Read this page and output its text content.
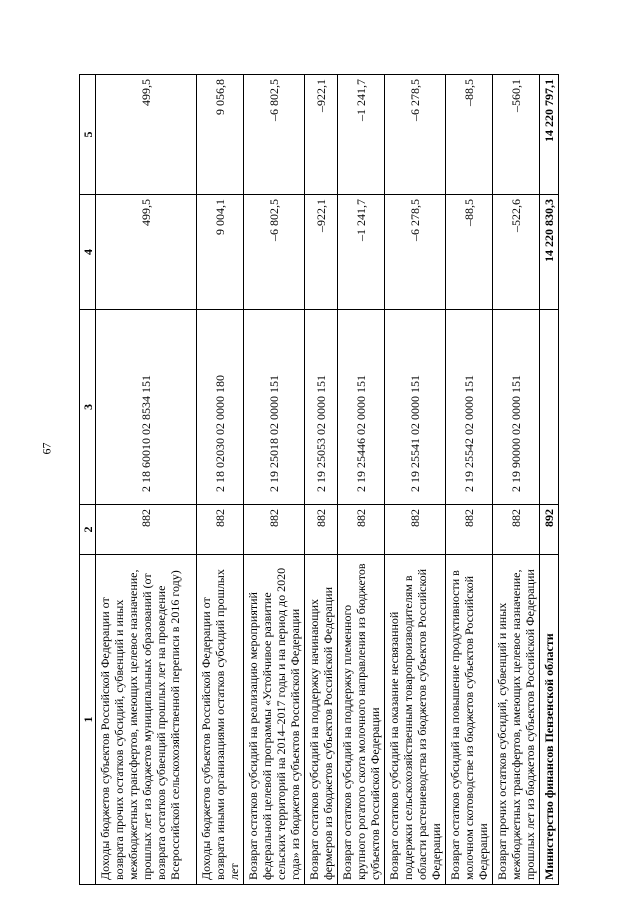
67
1	2	3	4	5
Доходы бюджетов субъектов Российской Федерации от возврата прочих остатков субсидий, субвенций и иных межбюджетных трансфертов, имеющих целевое назначение, прошлых лет из бюджетов муниципальных образований (от возврата остатков субвенций прошлых лет на проведение Всероссийской сельскохозяйственной переписи в 2016 году)	882	2 18 60010 02 8534 151	499,5	499,5
Доходы бюджетов субъектов Российской Федерации от возврата иными организациями остатков субсидий прошлых лет	882	2 18 02030 02 0000 180	9 004,1	9 056,8
Возврат остатков субсидий на реализацию мероприятий федеральной целевой программы «Устойчивое развитие сельских территорий на 2014–2017 годы и на период до 2020 года» из бюджетов субъектов Российской Федерации	882	2 19 25018 02 0000 151	–6 802,5	–6 802,5
Возврат остатков субсидий на поддержку начинающих фермеров из бюджетов субъектов Российской Федерации	882	2 19 25053 02 0000 151	–922,1	–922,1
Возврат остатков субсидий на поддержку племенного крупного рогатого скота молочного направления из бюджетов субъектов Российской Федерации	882	2 19 25446 02 0000 151	–1 241,7	–1 241,7
Возврат остатков субсидий на оказание несвязанной поддержки сельскохозяйственным товаропроизводителям в области растениеводства из бюджетов субъектов Российской Федерации	882	2 19 25541 02 0000 151	–6 278,5	–6 278,5
Возврат остатков субсидий на повышение продуктивности в молочном скотоводстве из бюджетов субъектов Российской Федерации	882	2 19 25542 02 0000 151	–88,5	–88,5
Возврат прочих остатков субсидий, субвенций и иных межбюджетных трансфертов, имеющих целевое назначение, прошлых лет из бюджетов субъектов Российской Федерации	882	2 19 90000 02 0000 151	–522,6	–560,1
Министерство финансов Пензенской области	892		14 220 830,3	14 220 797,1
